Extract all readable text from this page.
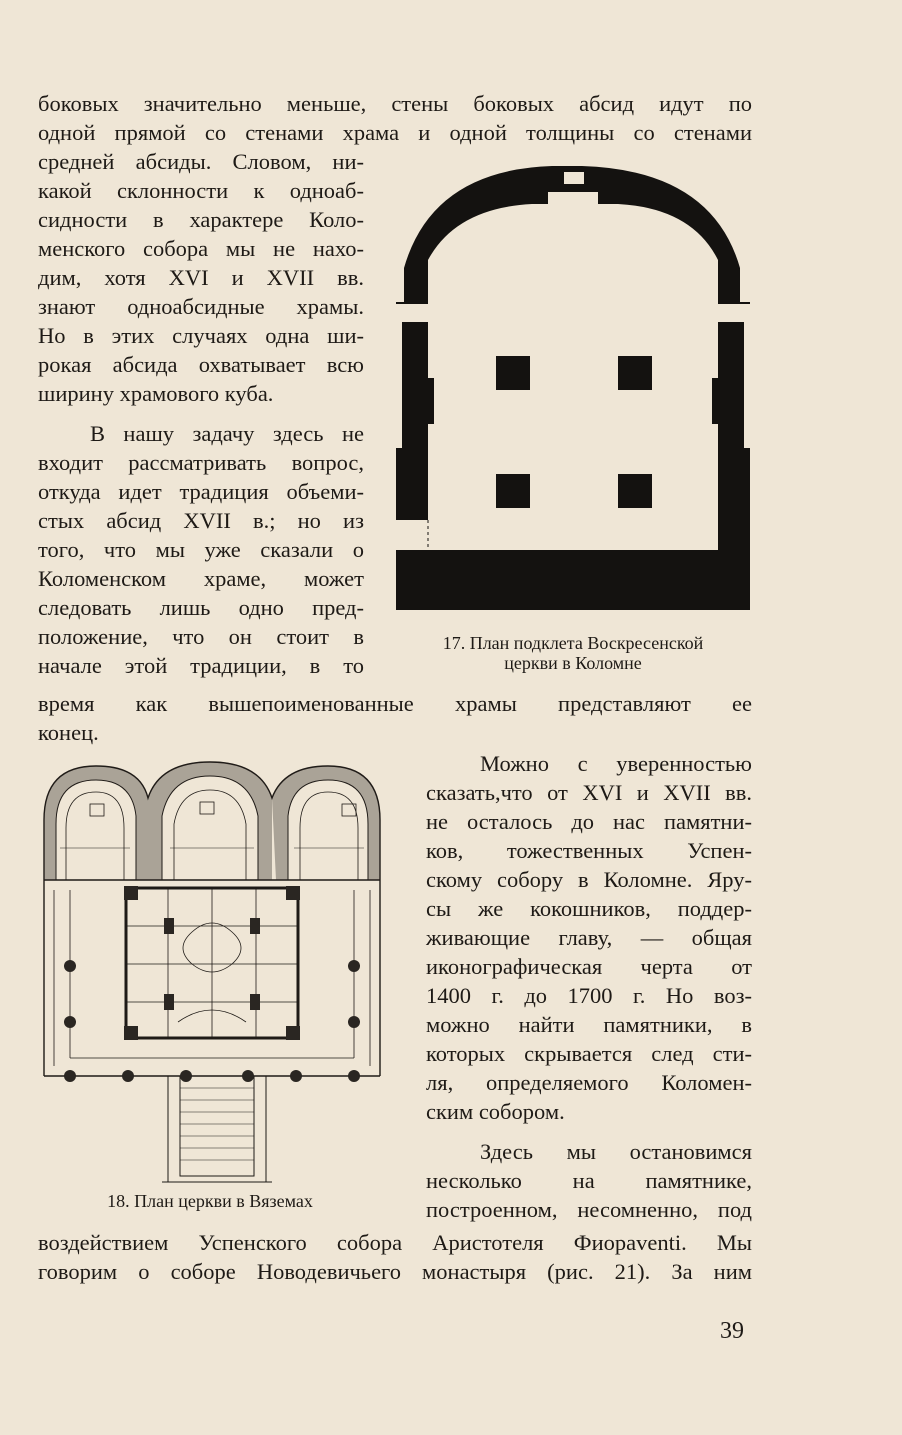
боковых значительно меньше, стены боковых абсид идут по
одной прямой со стенами храма и одной толщины со стенами
средней абсиды. Словом, ни-
какой склонности к одноаб-
сидности в характере Коло-
менского собора мы не нахо-
дим, хотя XVI и XVII вв.
знают одноабсидные храмы.
Но в этих случаях одна ши-
рокая абсида охватывает всю
ширину храмового куба.
В нашу задачу здесь не
входит рассматривать вопрос,
откуда идет традиция объеми-
стых абсид XVII в.; но из
того, что мы уже сказали о
Коломенском храме, может
следовать лишь одно пред-
положение, что он стоит в
начале этой традиции, в то
17. План подклета Воскресенской
церкви в Коломне
время как вышепоименованные храмы представляют ее
конец.
18. План церкви в Вяземах
Можно с уверенностью
сказать,что от XVI и XVII вв.
не осталось до нас памятни-
ков, тожественных Успен-
скому собору в Коломне. Яру-
сы же кокошников, поддер-
живающие главу, — общая
иконографическая черта от
1400 г. до 1700 г. Но воз-
можно найти памятники, в
которых скрывается след сти-
ля, определяемого Коломен-
ским собором.
Здесь мы остановимся
несколько на памятнике,
построенном, несомненно, под
воздействием Успенского собора Аристотеля Фиораventi. Мы
говорим о соборе Новодевичьего монастыря (рис. 21). За ним
39
